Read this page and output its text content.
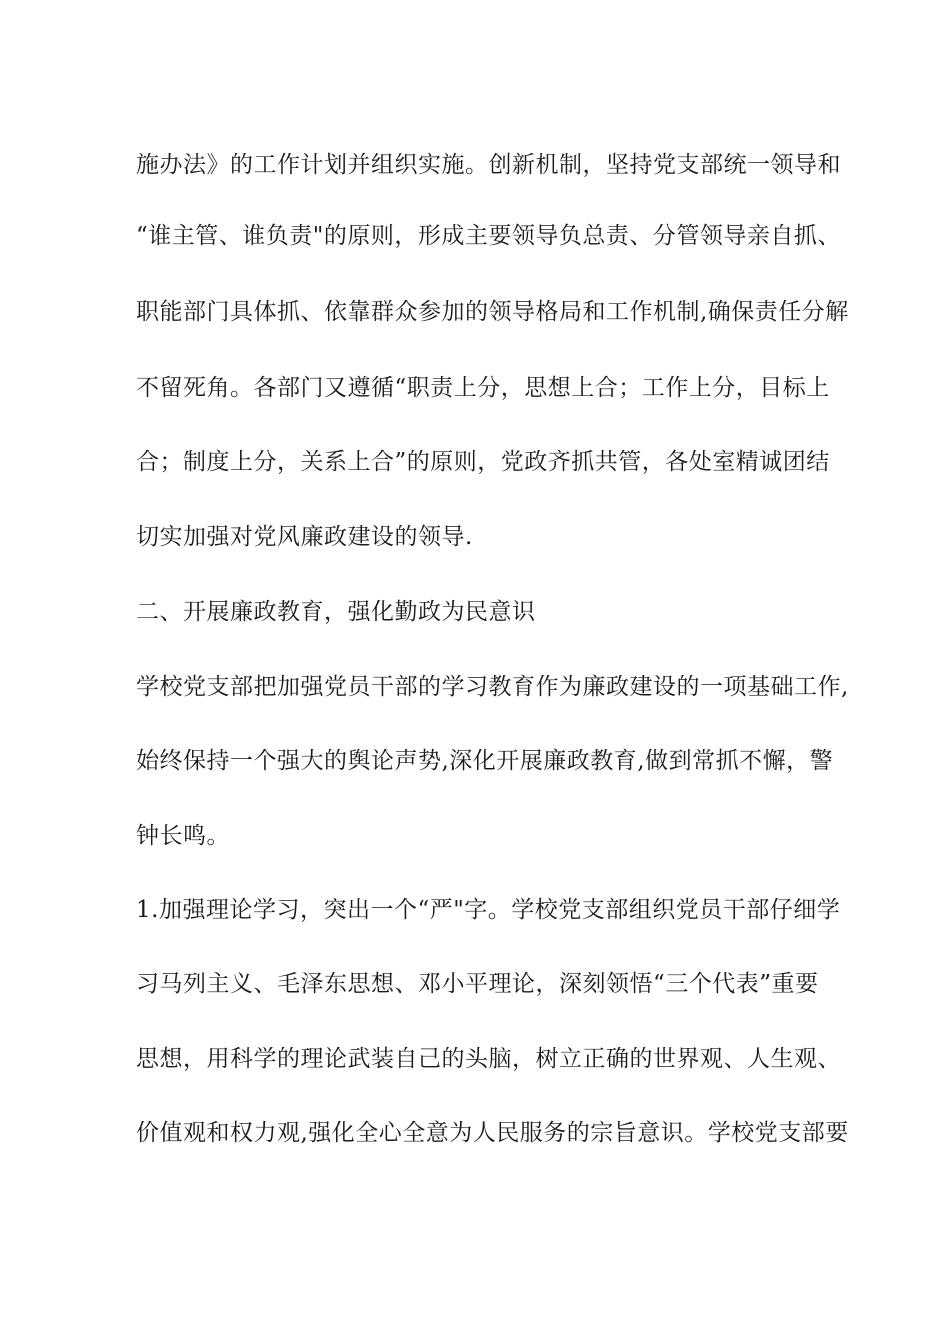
施办法》的工作计划并组织实施。创新机制，坚持党支部统一领导和
“谁主管、谁负责"的原则，形成主要领导负总责、分管领导亲自抓、
职能部门具体抓、依靠群众参加的领导格局和工作机制,确保责任分解
不留死角。各部门又遵循“职责上分，思想上合；工作上分，目标上
合；制度上分，关系上合”的原则，党政齐抓共管，各处室精诚团结
切实加强对党风廉政建设的领导.
二、开展廉政教育，强化勤政为民意识
学校党支部把加强党员干部的学习教育作为廉政建设的一项基础工作,
始终保持一个强大的舆论声势,深化开展廉政教育,做到常抓不懈，警
钟长鸣。
1.加强理论学习，突出一个“严"字。学校党支部组织党员干部仔细学
习马列主义、毛泽东思想、邓小平理论，深刻领悟“三个代表”重要
思想，用科学的理论武装自己的头脑，树立正确的世界观、人生观、
价值观和权力观,强化全心全意为人民服务的宗旨意识。学校党支部要
